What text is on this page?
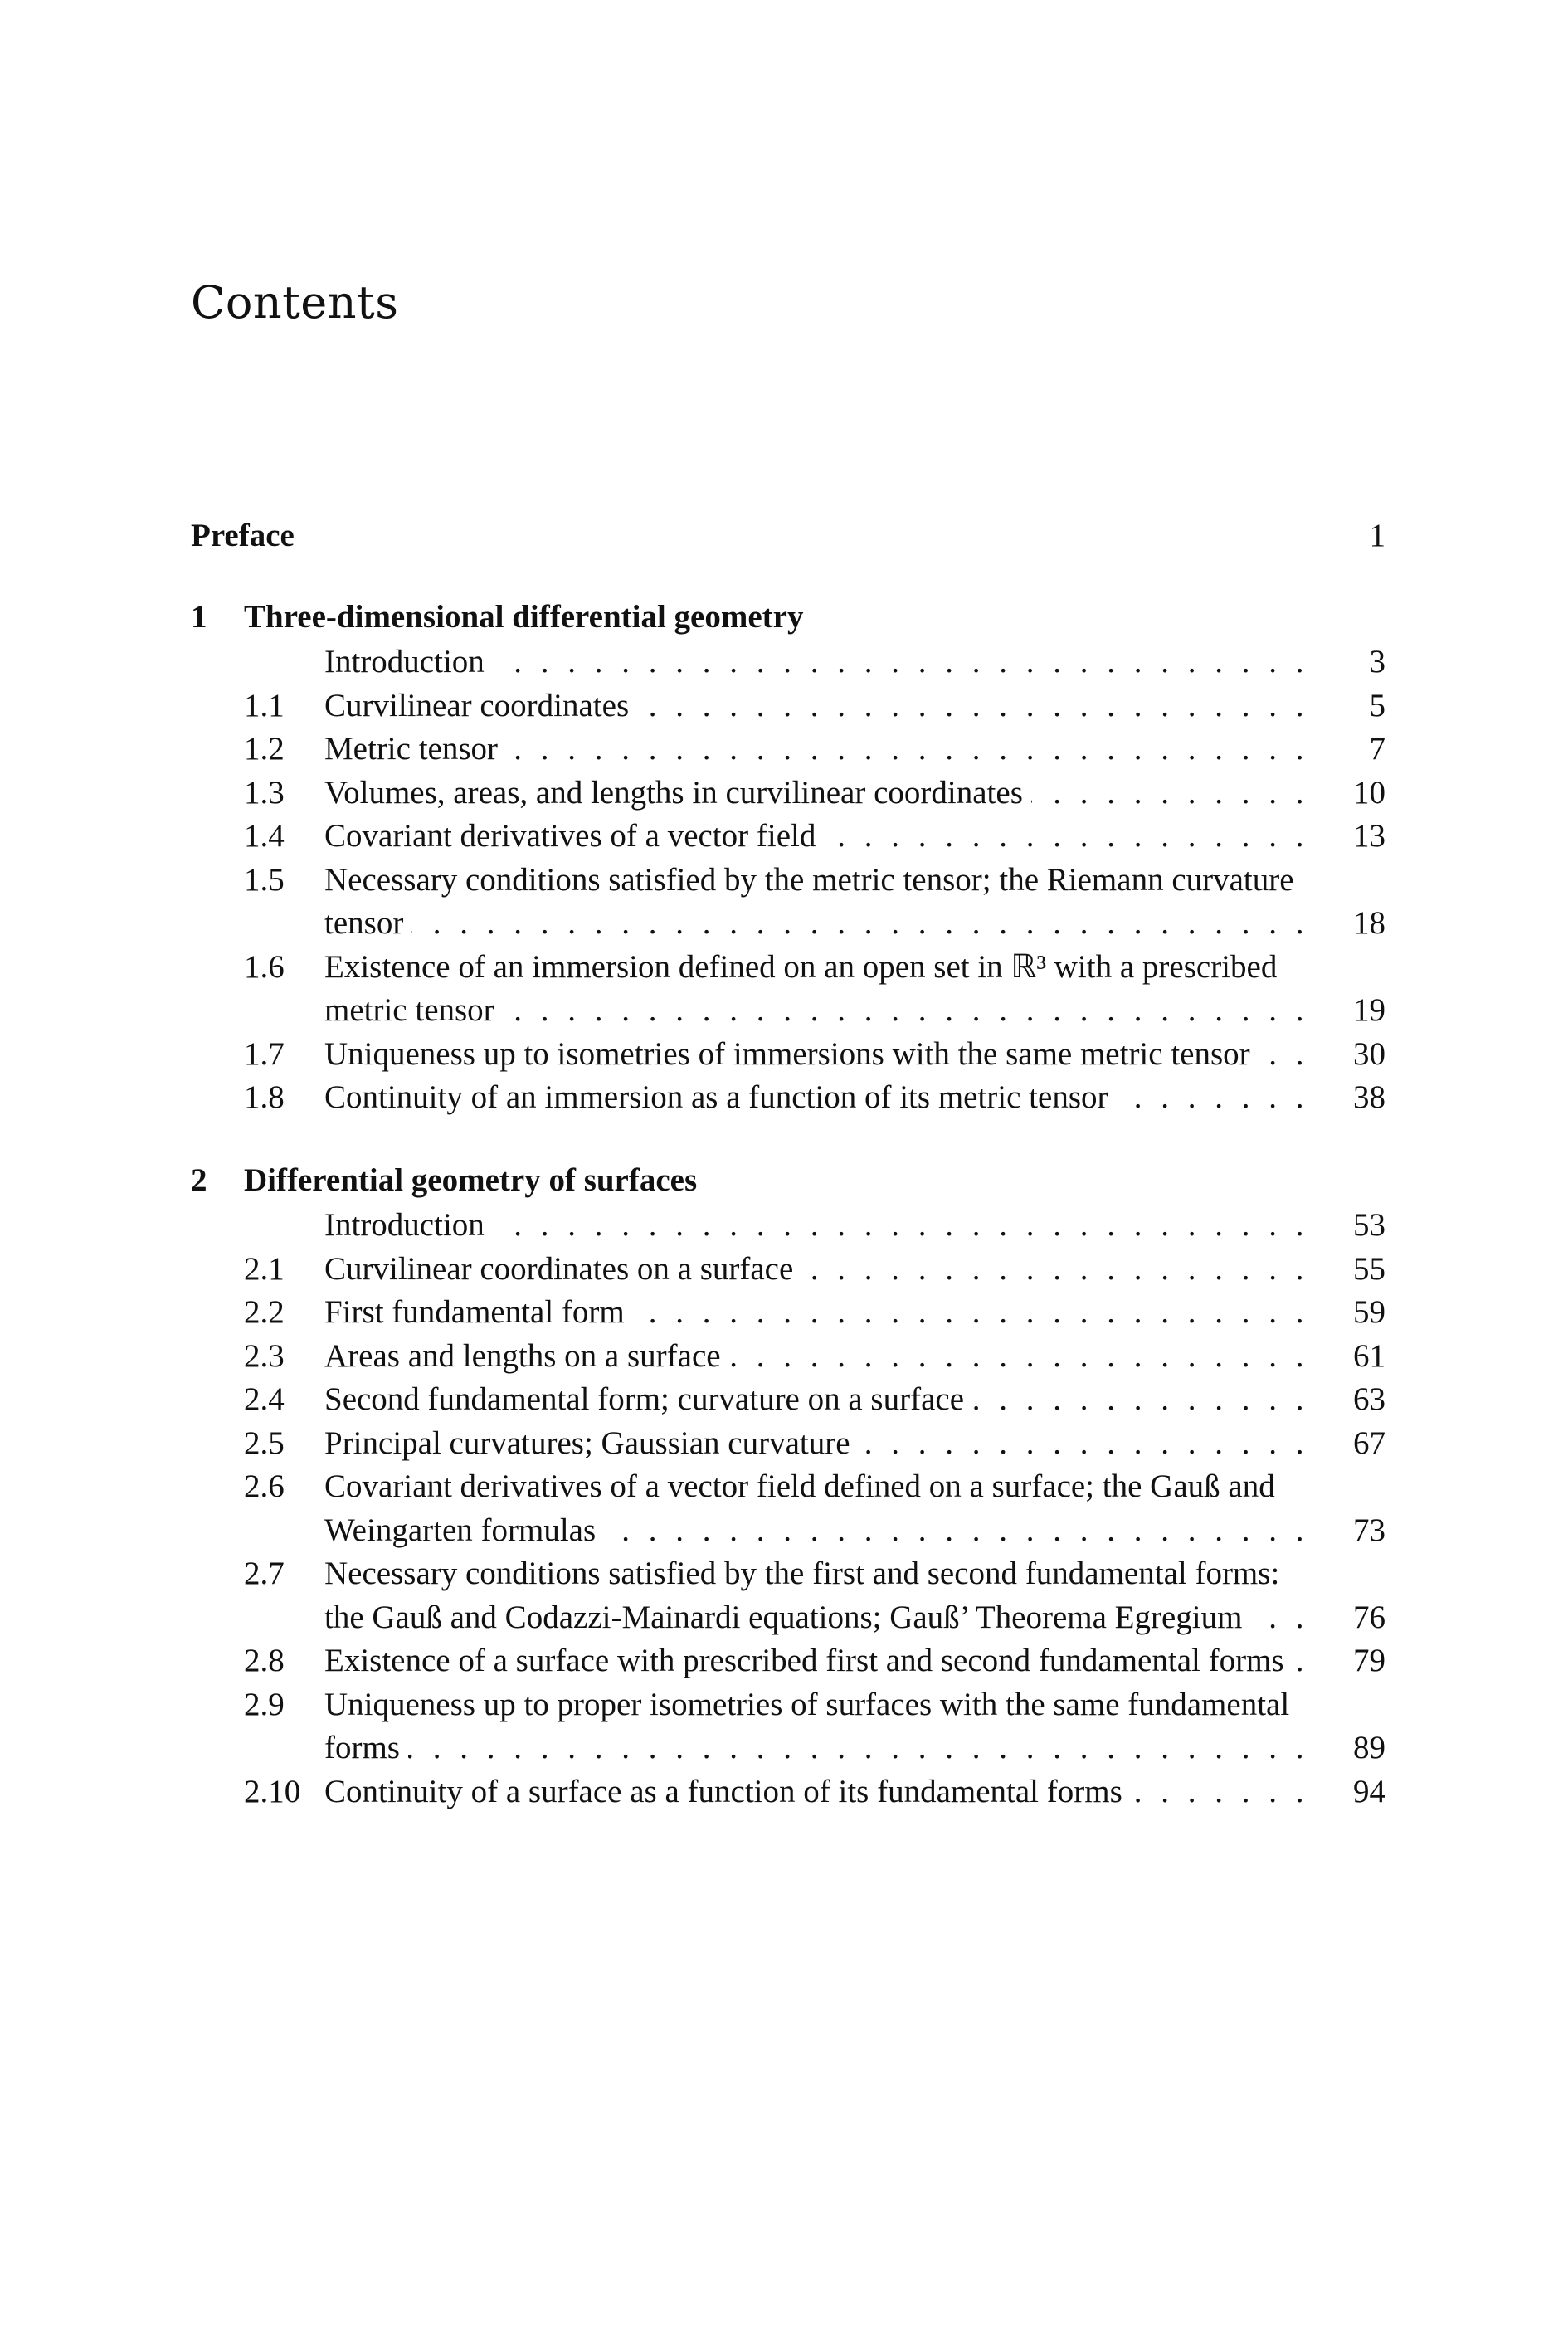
Contents
Preface	1
1	Three-dimensional differential geometry
Introduction . . .	3
1.1	Curvilinear coordinates . . .	5
1.2	Metric tensor . . .	7
1.3	Volumes, areas, and lengths in curvilinear coordinates . . .	10
1.4	Covariant derivatives of a vector field . . .	13
1.5	Necessary conditions satisfied by the metric tensor; the Riemann curvature tensor . . .	18
1.6	Existence of an immersion defined on an open set in ℝ³ with a prescribed metric tensor . . .	19
1.7	Uniqueness up to isometries of immersions with the same metric tensor . . .	30
1.8	Continuity of an immersion as a function of its metric tensor . . .	38
2	Differential geometry of surfaces
Introduction . . .	53
2.1	Curvilinear coordinates on a surface . . .	55
2.2	First fundamental form . . .	59
2.3	Areas and lengths on a surface . . .	61
2.4	Second fundamental form; curvature on a surface . . .	63
2.5	Principal curvatures; Gaussian curvature . . .	67
2.6	Covariant derivatives of a vector field defined on a surface; the Gauß and Weingarten formulas . . .	73
2.7	Necessary conditions satisfied by the first and second fundamental forms: the Gauß and Codazzi-Mainardi equations; Gauß’ Theorema Egregium . . .	76
2.8	Existence of a surface with prescribed first and second fundamental forms . . .	79
2.9	Uniqueness up to proper isometries of surfaces with the same fundamental forms . . .	89
2.10 Continuity of a surface as a function of its fundamental forms . . .	94
